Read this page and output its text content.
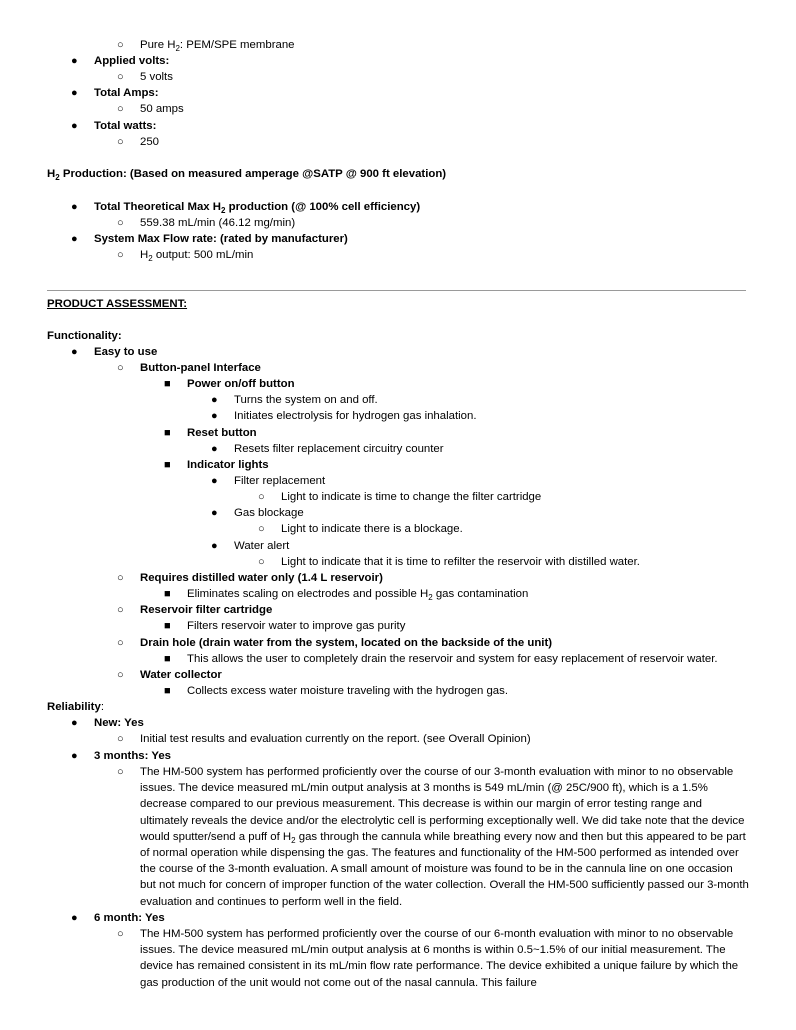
○ Pure $H_2$: PEM/SPE membrane
● Applied volts:
○ 5 volts
● Total Amps:
○ 50 amps
● Total watts:
○ 250
$H_2$ Production: (Based on measured amperage @SATP @ 900 ft elevation)
● Total Theoretical Max $H_2$ production (@ 100% cell efficiency)
○ 559.38 mL/min (46.12 mg/min)
● System Max Flow rate: (rated by manufacturer)
○ $H_2$ output: 500 mL/min
PRODUCT ASSESSMENT:
Functionality:
● Easy to use
○ Button-panel Interface
■ Power on/off button
● Turns the system on and off.
● Initiates electrolysis for hydrogen gas inhalation.
■ Reset button
● Resets filter replacement circuitry counter
■ Indicator lights
● Filter replacement
○ Light to indicate is time to change the filter cartridge
● Gas blockage
○ Light to indicate there is a blockage.
● Water alert
○ Light to indicate that it is time to refilter the reservoir with distilled water.
○ Requires distilled water only (1.4 L reservoir)
■ Eliminates scaling on electrodes and possible $H_2$ gas contamination
○ Reservoir filter cartridge
■ Filters reservoir water to improve gas purity
○ Drain hole (drain water from the system, located on the backside of the unit)
■ This allows the user to completely drain the reservoir and system for easy replacement of reservoir water.
○ Water collector
■ Collects excess water moisture traveling with the hydrogen gas.
Reliability:
● New: Yes
○ Initial test results and evaluation currently on the report. (see Overall Opinion)
● 3 months: Yes
○ The HM-500 system has performed proficiently over the course of our 3-month evaluation with minor to no observable issues. The device measured mL/min output analysis at 3 months is 549 mL/min (@ 25C/900 ft), which is a 1.5% decrease compared to our previous measurement. This decrease is within our margin of error testing range and ultimately reveals the device and/or the electrolytic cell is performing exceptionally well. We did take note that the device would sputter/send a puff of $H_2$ gas through the cannula while breathing every now and then but this appeared to be part of normal operation while dispensing the gas. The features and functionality of the HM-500 performed as intended over the course of the 3-month evaluation. A small amount of moisture was found to be in the cannula line on one occasion but not much for concern of improper function of the water collection. Overall the HM-500 sufficiently passed our 3-month evaluation and continues to perform well in the field.
● 6 month: Yes
○ The HM-500 system has performed proficiently over the course of our 6-month evaluation with minor to no observable issues. The device measured mL/min output analysis at 6 months is within 0.5~1.5% of our initial measurement. The device has remained consistent in its mL/min flow rate performance. The device exhibited a unique failure by which the gas production of the unit would not come out of the nasal cannula. This failure
